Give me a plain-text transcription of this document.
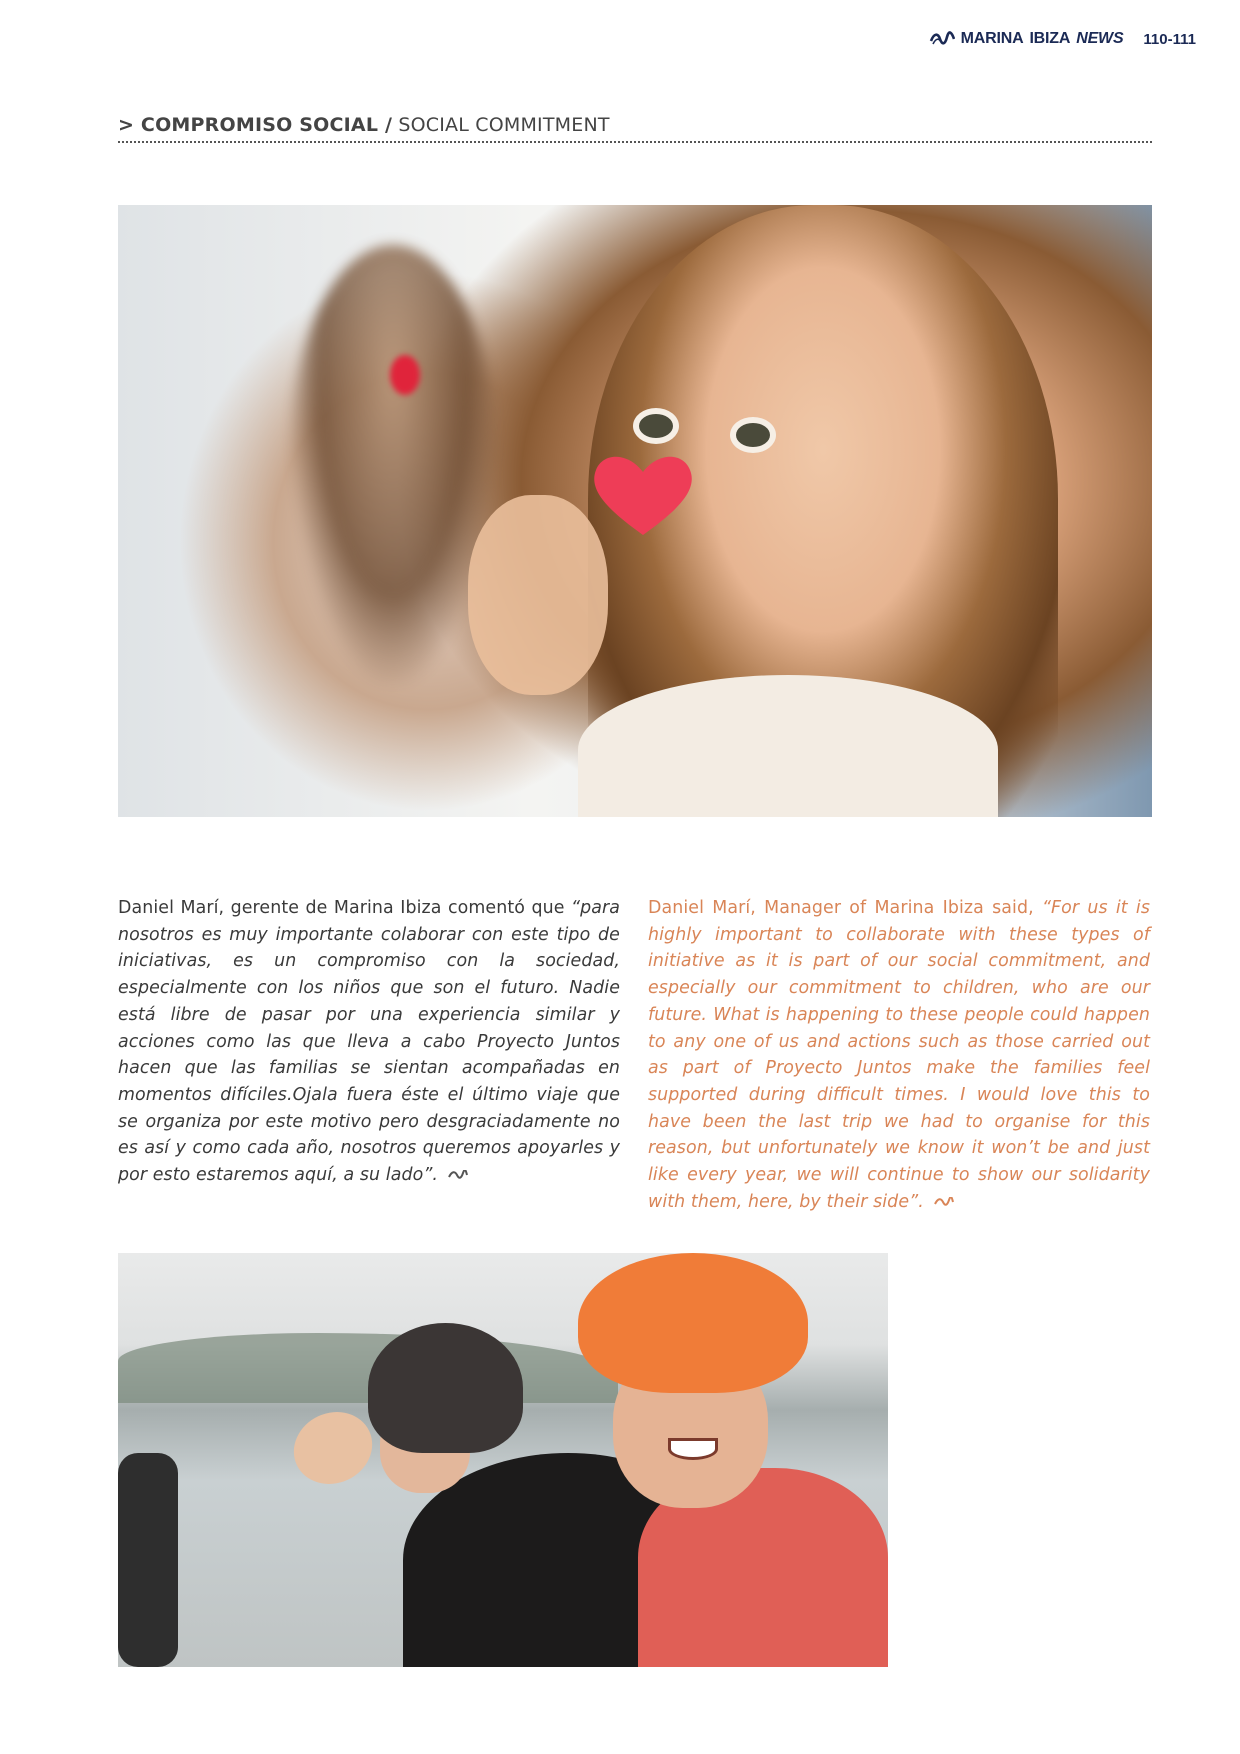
MARINA IBIZA NEWS 110-111
> COMPROMISO SOCIAL / SOCIAL COMMITMENT
Daniel Marí, gerente de Marina Ibiza comentó que “para nosotros es muy importante colaborar con este tipo de iniciativas, es un compromiso con la sociedad, especialmente con los niños que son el futuro. Nadie está libre de pasar por una experiencia similar y acciones como las que lleva a cabo Proyecto Juntos hacen que las familias se sientan acompañadas en momentos difíciles.Ojala fuera éste el último viaje que se organiza por este motivo pero desgraciadamente no es así y como cada año, nosotros queremos apoyarles y por esto estaremos aquí, a su lado”.
Daniel Marí, Manager of Marina Ibiza said, “For us it is highly important to collaborate with these types of initiative as it is part of our social commitment, and especially our commitment to children, who are our future. What is happening to these people could happen to any one of us and actions such as those carried out as part of Proyecto Juntos make the families feel supported during difficult times. I would love this to have been the last trip we had to organise for this reason, but unfortunately we know it won’t be and just like every year, we will continue to show our solidarity with them, here, by their side”.
